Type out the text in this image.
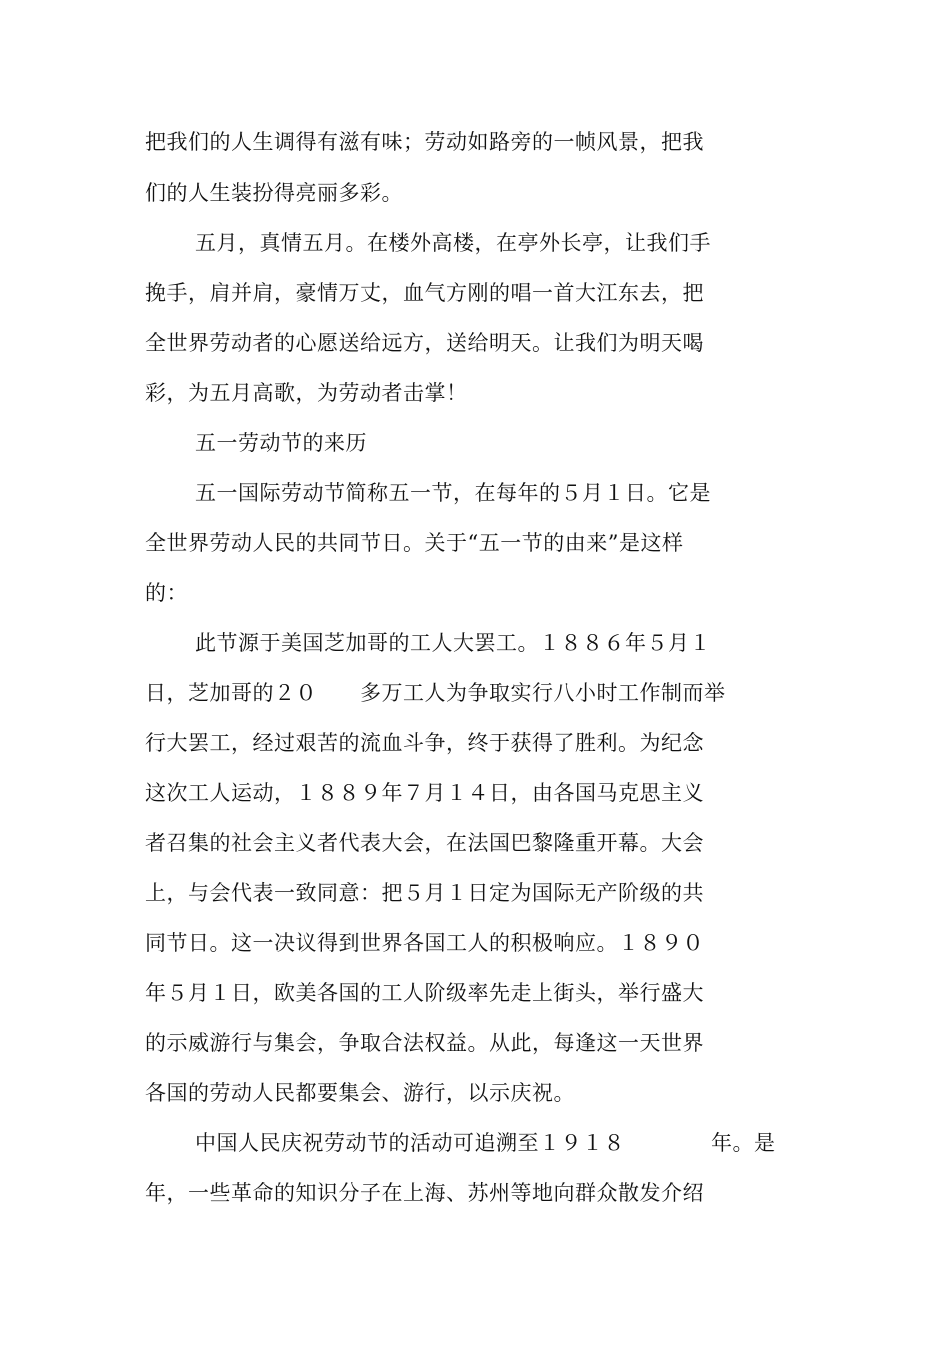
把我们的人生调得有滋有味；劳动如路旁的一帧风景，把我
们的人生装扮得亮丽多彩。
五月，真情五月。在楼外高楼，在亭外长亭，让我们手
挽手，肩并肩，豪情万丈，血气方刚的唱一首大江东去，把
全世界劳动者的心愿送给远方，送给明天。让我们为明天喝
彩，为五月高歌，为劳动者击掌！
五一劳动节的来历
五一国际劳动节简称五一节，在每年的５月１日。它是
全世界劳动人民的共同节日。关于“五一节的由来”是这样
的：
此节源于美国芝加哥的工人大罢工。１８８６年５月１
日，芝加哥的２０　　多万工人为争取实行八小时工作制而举
行大罢工，经过艰苦的流血斗争，终于获得了胜利。为纪念
这次工人运动，１８８９年７月１４日，由各国马克思主义
者召集的社会主义者代表大会，在法国巴黎隆重开幕。大会
上，与会代表一致同意：把５月１日定为国际无产阶级的共
同节日。这一决议得到世界各国工人的积极响应。１８９０
年５月１日，欧美各国的工人阶级率先走上街头，举行盛大
的示威游行与集会，争取合法权益。从此，每逢这一天世界
各国的劳动人民都要集会、游行，以示庆祝。
中国人民庆祝劳动节的活动可追溯至１９１８　　　　年。是
年，一些革命的知识分子在上海、苏州等地向群众散发介绍
